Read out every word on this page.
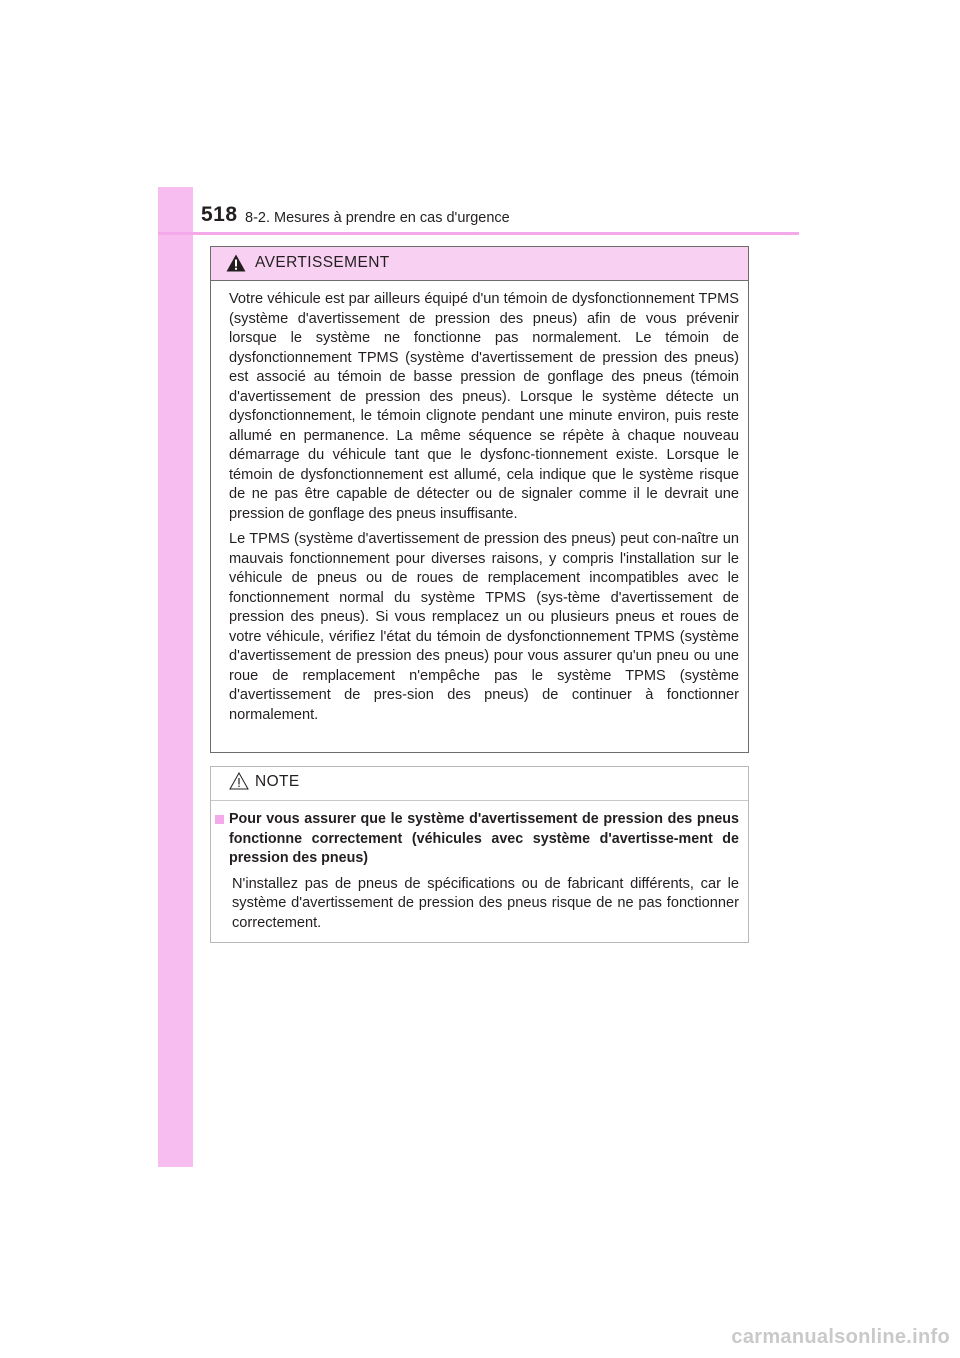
518 8-2. Mesures à prendre en cas d'urgence
AVERTISSEMENT

Votre véhicule est par ailleurs équipé d'un témoin de dysfonctionnement TPMS (système d'avertissement de pression des pneus) afin de vous prévenir lorsque le système ne fonctionne pas normalement. Le témoin de dysfonctionnement TPMS (système d'avertissement de pression des pneus) est associé au témoin de basse pression de gonflage des pneus (témoin d'avertissement de pression des pneus). Lorsque le système détecte un dysfonctionnement, le témoin clignote pendant une minute environ, puis reste allumé en permanence. La même séquence se répète à chaque nouveau démarrage du véhicule tant que le dysfonc-tionnement existe. Lorsque le témoin de dysfonctionnement est allumé, cela indique que le système risque de ne pas être capable de détecter ou de signaler comme il le devrait une pression de gonflage des pneus insuffisante.

Le TPMS (système d'avertissement de pression des pneus) peut con-naître un mauvais fonctionnement pour diverses raisons, y compris l'installation sur le véhicule de pneus ou de roues de remplacement incompatibles avec le fonctionnement normal du système TPMS (sys-tème d'avertissement de pression des pneus). Si vous remplacez un ou plusieurs pneus et roues de votre véhicule, vérifiez l'état du témoin de dysfonctionnement TPMS (système d'avertissement de pression des pneus) pour vous assurer qu'un pneu ou une roue de remplacement n'empêche pas le système TPMS (système d'avertissement de pres-sion des pneus) de continuer à fonctionner normalement.

NOTE

Pour vous assurer que le système d'avertissement de pression des pneus fonctionne correctement (véhicules avec système d'avertisse-ment de pression des pneus)

N'installez pas de pneus de spécifications ou de fabricant différents, car le système d'avertissement de pression des pneus risque de ne pas fonctionner correctement.

carmanualsonline.info
